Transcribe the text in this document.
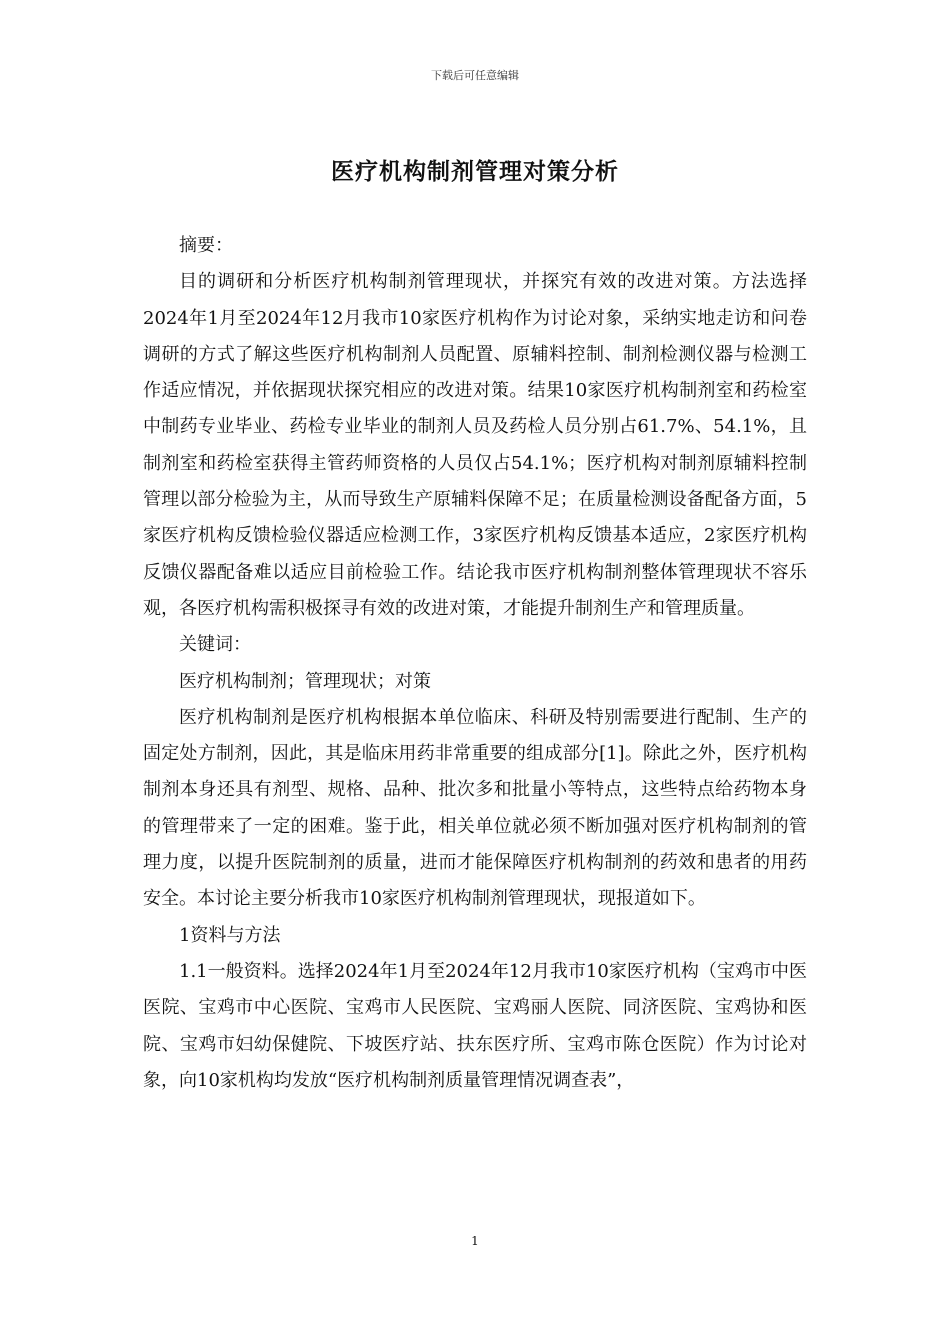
下载后可任意编辑
医疗机构制剂管理对策分析

摘要：

目的调研和分析医疗机构制剂管理现状，并探究有效的改进对策。方法选择2024年1月至2024年12月我市10家医疗机构作为讨论对象，采纳实地走访和问卷调研的方式了解这些医疗机构制剂人员配置、原辅料控制、制剂检测仪器与检测工作适应情况，并依据现状探究相应的改进对策。结果10家医疗机构制剂室和药检室中制药专业毕业、药检专业毕业的制剂人员及药检人员分别占61.7%、54.1%，且制剂室和药检室获得主管药师资格的人员仅占54.1%；医疗机构对制剂原辅料控制管理以部分检验为主，从而导致生产原辅料保障不足；在质量检测设备配备方面，5家医疗机构反馈检验仪器适应检测工作，3家医疗机构反馈基本适应，2家医疗机构反馈仪器配备难以适应目前检验工作。结论我市医疗机构制剂整体管理现状不容乐观，各医疗机构需积极探寻有效的改进对策，才能提升制剂生产和管理质量。

关键词：

医疗机构制剂；管理现状；对策

医疗机构制剂是医疗机构根据本单位临床、科研及特别需要进行配制、生产的固定处方制剂，因此，其是临床用药非常重要的组成部分[1]。除此之外，医疗机构制剂本身还具有剂型、规格、品种、批次多和批量小等特点，这些特点给药物本身的管理带来了一定的困难。鉴于此，相关单位就必须不断加强对医疗机构制剂的管理力度，以提升医院制剂的质量，进而才能保障医疗机构制剂的药效和患者的用药安全。本讨论主要分析我市10家医疗机构制剂管理现状，现报道如下。

1资料与方法

1.1一般资料。选择2024年1月至2024年12月我市10家医疗机构（宝鸡市中医医院、宝鸡市中心医院、宝鸡市人民医院、宝鸡丽人医院、同济医院、宝鸡协和医院、宝鸡市妇幼保健院、下坡医疗站、扶东医疗所、宝鸡市陈仓医院）作为讨论对象，向10家机构均发放“医疗机构制剂质量管理情况调查表”，

1
